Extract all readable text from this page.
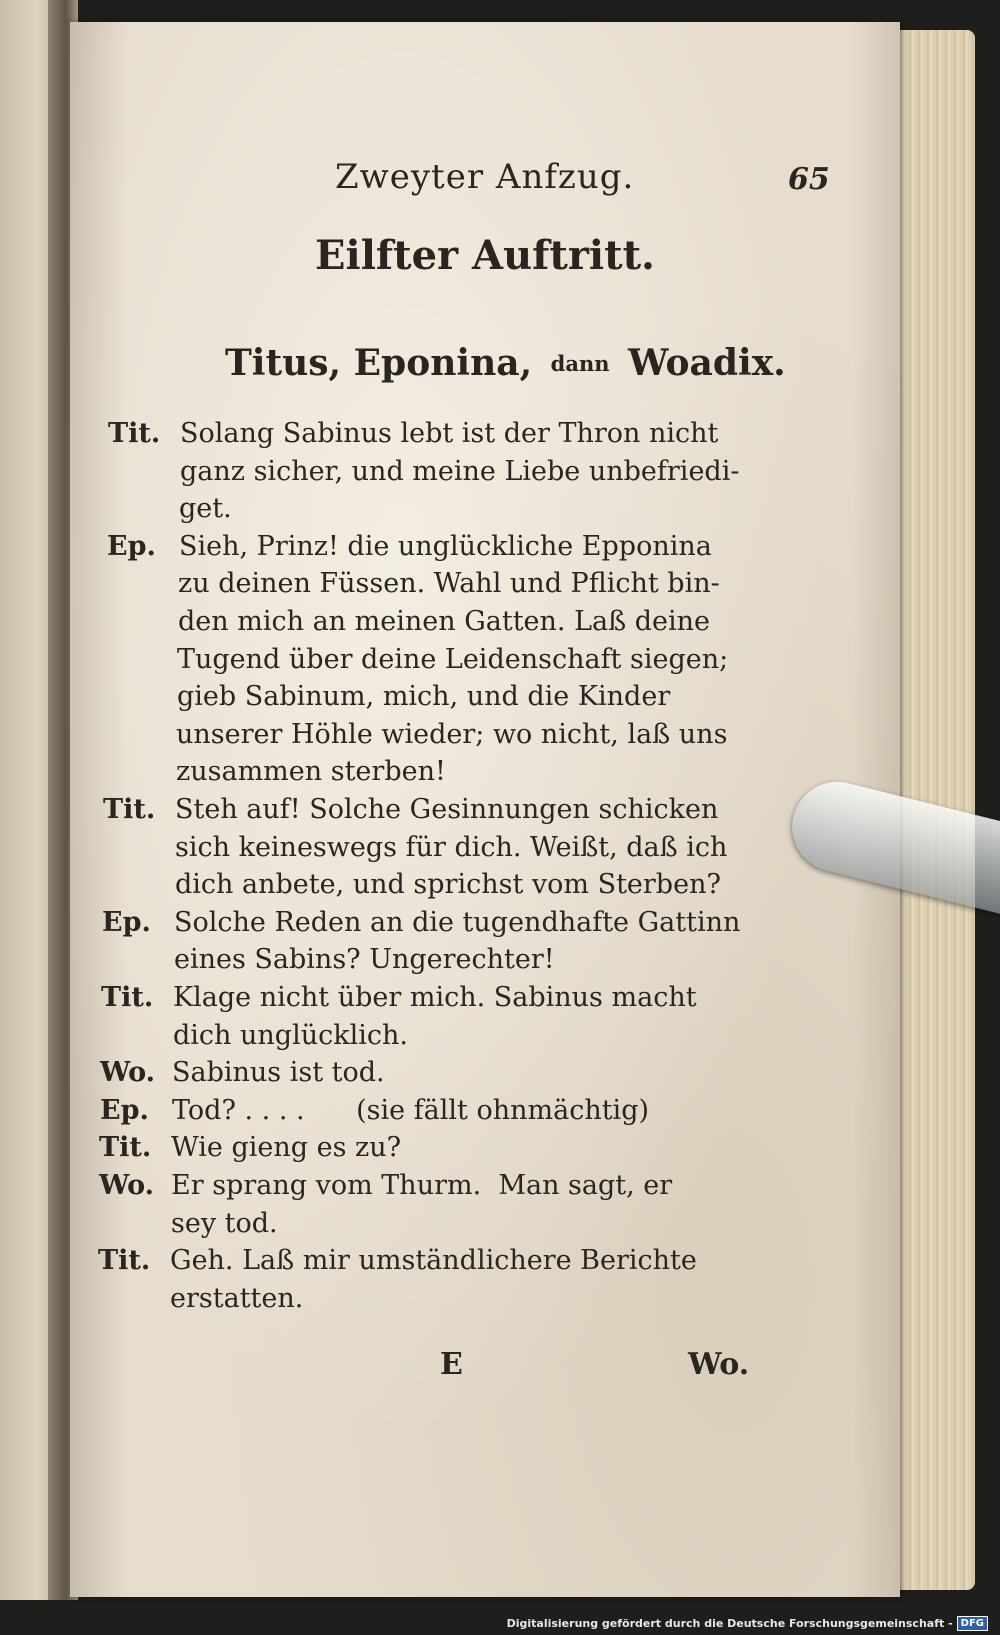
Zweyter Anfzug.	65
Eilfter Auftritt.
Titus, Eponina, dann Woadix.
Tit. Solang Sabinus lebt ist der Thron nicht
ganz sicher, und meine Liebe unbefriedi-
get.
Ep. Sieh, Prinz! die unglückliche Epponina
zu deinen Füssen. Wahl und Pflicht bin-
den mich an meinen Gatten. Laß deine
Tugend über deine Leidenschaft siegen;
gieb Sabinum, mich, und die Kinder
unserer Höhle wieder; wo nicht, laß uns
zusammen sterben!
Tit. Steh auf! Solche Gesinnungen schicken
sich keineswegs für dich. Weißt, daß ich
dich anbete, und sprichst vom Sterben?
Ep. Solche Reden an die tugendhafte Gattinn
eines Sabins? Ungerechter!
Tit. Klage nicht über mich. Sabinus macht
dich unglücklich.
Wo. Sabinus ist tod.
Ep. Tod? . . . .      (sie fällt ohnmächtig)
Tit. Wie gieng es zu?
Wo. Er sprang vom Thurm.  Man sagt, er
sey tod.
Tit. Geh. Laß mir umständlichere Berichte
erstatten.
E	Wo.
Digitalisierung gefördert durch die Deutsche Forschungsgemeinschaft - DFG
